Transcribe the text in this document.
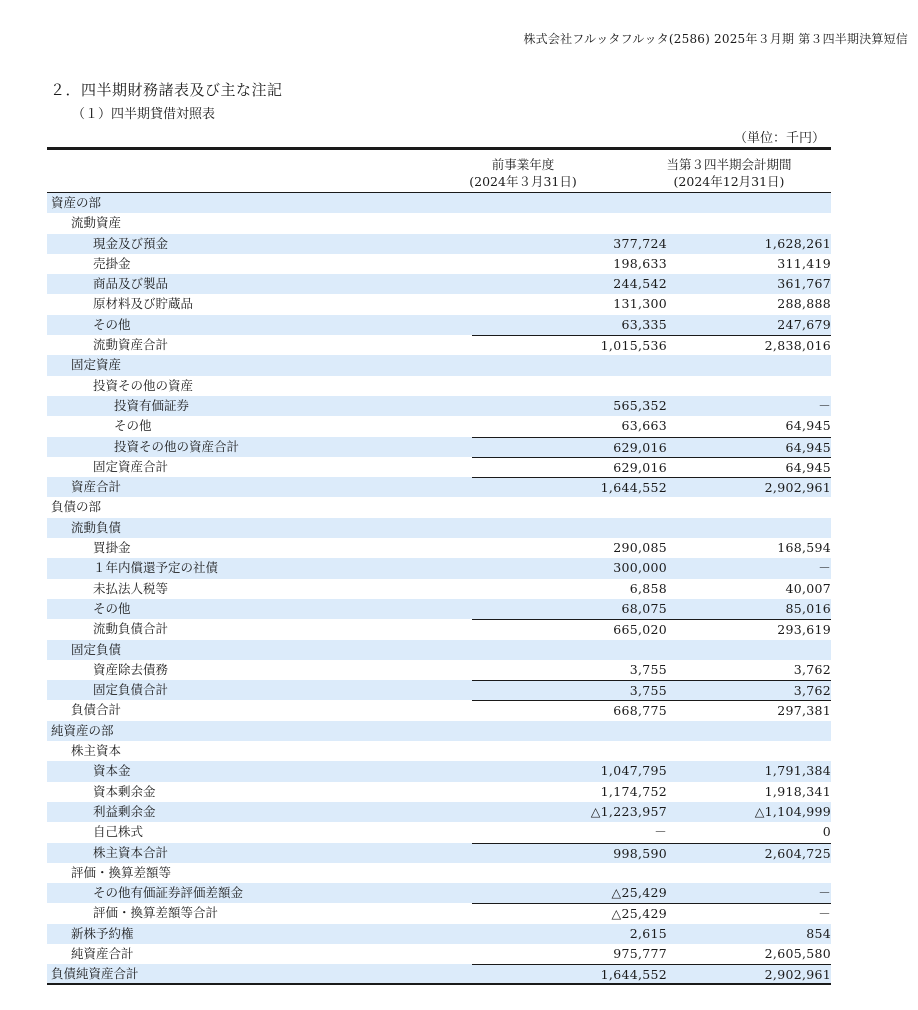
株式会社フルッタフルッタ(2586) 2025年３月期 第３四半期決算短信
２．四半期財務諸表及び主な注記
（１）四半期貸借対照表
（単位：千円）
前事業年度
(2024年３月31日)
当第３四半期会計期間
(2024年12月31日)
資産の部
流動資産
現金及び預金	377,724	1,628,261
売掛金	198,633	311,419
商品及び製品	244,542	361,767
原材料及び貯蔵品	131,300	288,888
その他	63,335	247,679
流動資産合計	1,015,536	2,838,016
固定資産
投資その他の資産
投資有価証券	565,352	－
その他	63,663	64,945
投資その他の資産合計	629,016	64,945
固定資産合計	629,016	64,945
資産合計	1,644,552	2,902,961
負債の部
流動負債
買掛金	290,085	168,594
１年内償還予定の社債	300,000	－
未払法人税等	6,858	40,007
その他	68,075	85,016
流動負債合計	665,020	293,619
固定負債
資産除去債務	3,755	3,762
固定負債合計	3,755	3,762
負債合計	668,775	297,381
純資産の部
株主資本
資本金	1,047,795	1,791,384
資本剰余金	1,174,752	1,918,341
利益剰余金	△1,223,957	△1,104,999
自己株式	－	0
株主資本合計	998,590	2,604,725
評価・換算差額等
その他有価証券評価差額金	△25,429	－
評価・換算差額等合計	△25,429	－
新株予約権	2,615	854
純資産合計	975,777	2,605,580
負債純資産合計	1,644,552	2,902,961
